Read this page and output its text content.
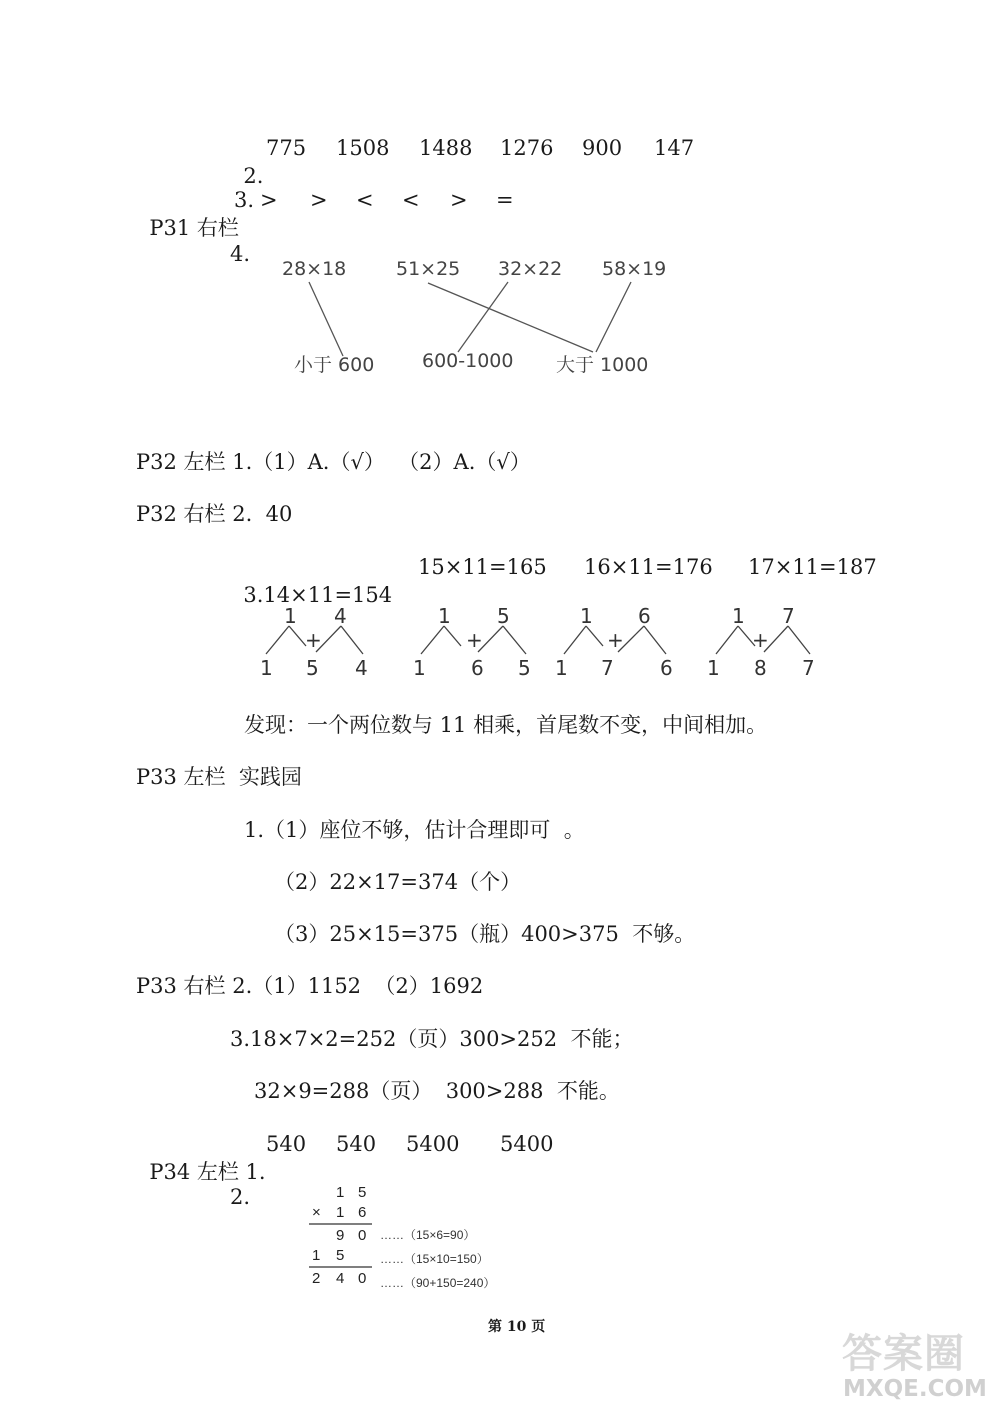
2.

775

1508

1488

1276

900

147

P31 右栏

3.

>

>

<

<

>

=

4.
28×18	51×25 32×22 58×19
小于 600	600-1000 大于 1000
P32 左栏 1.（1）A.（√）  （2）A.（√）
P32 右栏 2.  40

3.14×11=154

15×11=165

16×11=176

17×11=187

1 4
+
1 5 4
1 5
+
1 6 5
1 6
+
1 7 6
1 7
+
1 8 7
发现：一个两位数与 11 相乘，首尾数不变，中间相加。
P33 左栏  实践园
1.（1）座位不够，估计合理即可  。
（2）22×17=374（个）
（3）25×15=375（瓶）400>375  不够。
P33 右栏 2.（1）1152  （2）1692
3.18×7×2=252（页）300>252  不能；
32×9=288（页）  300>288  不能。

P34 左栏 1.

540

540

5400

5400

2.	1 5
× 1 6
9 0 ……（15×6=90）
1 5	……（15×10=150）
2 4 0 ……（90+150=240）
第 10 页
答案圈
MXQE.COM
